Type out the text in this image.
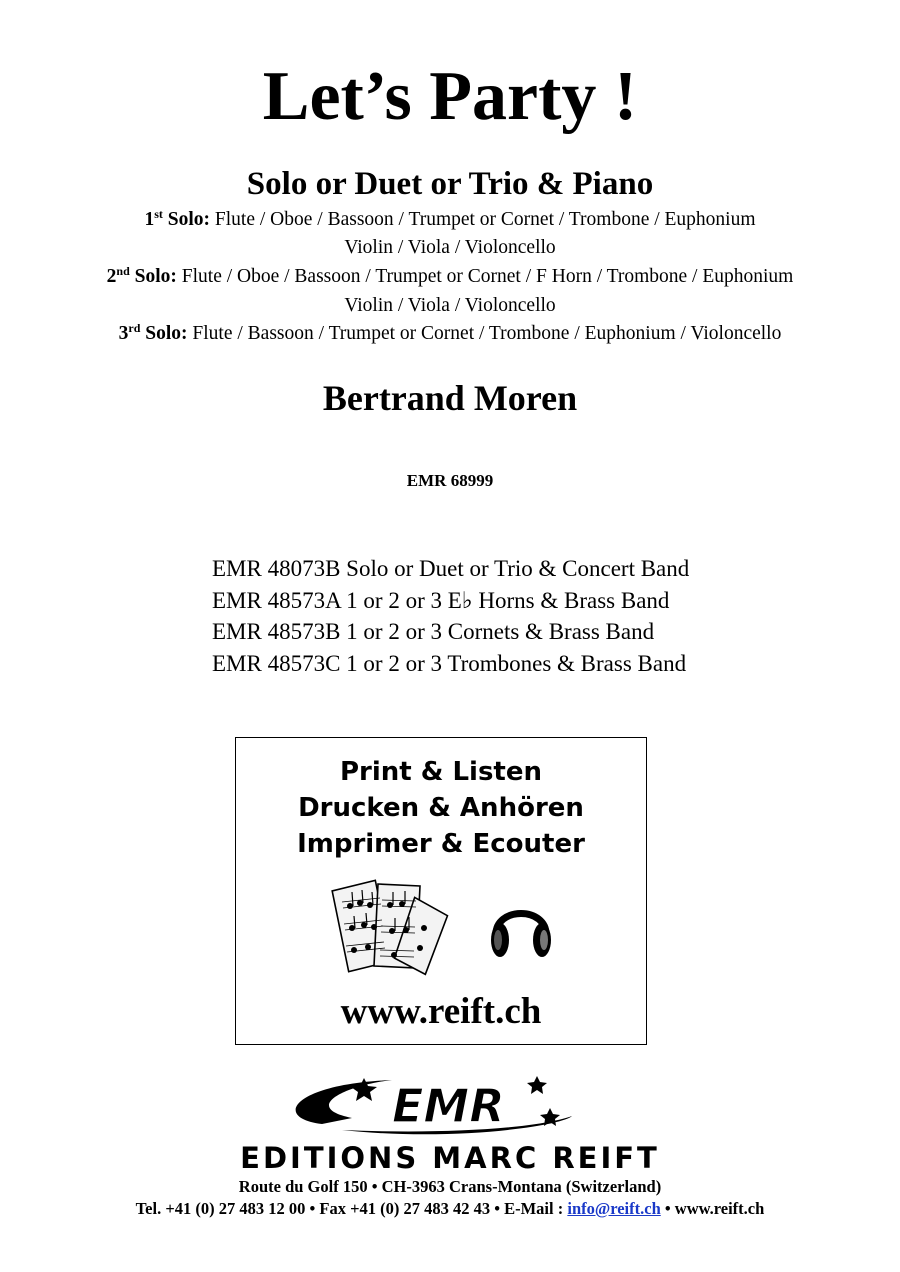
Let’s Party !
Solo or Duet or Trio & Piano
1st Solo: Flute / Oboe / Bassoon / Trumpet or Cornet / Trombone / Euphonium
Violin / Viola / Violoncello
2nd Solo: Flute / Oboe / Bassoon / Trumpet or Cornet / F Horn / Trombone / Euphonium
Violin / Viola / Violoncello
3rd Solo: Flute / Bassoon / Trumpet or Cornet / Trombone / Euphonium / Violoncello
Bertrand Moren
EMR 68999
EMR 48073B Solo or Duet or Trio & Concert Band
EMR 48573A 1 or 2 or 3 E♭ Horns & Brass Band
EMR 48573B 1 or 2 or 3 Cornets & Brass Band
EMR 48573C 1 or 2 or 3 Trombones & Brass Band
Print & Listen
Drucken & Anhören
Imprimer & Ecouter
www.reift.ch
EMR
EDITIONS MARC REIFT
Route du Golf 150 • CH-3963 Crans-Montana (Switzerland)
Tel. +41 (0) 27 483 12 00 • Fax +41 (0) 27 483 42 43 • E-Mail : info@reift.ch • www.reift.ch
